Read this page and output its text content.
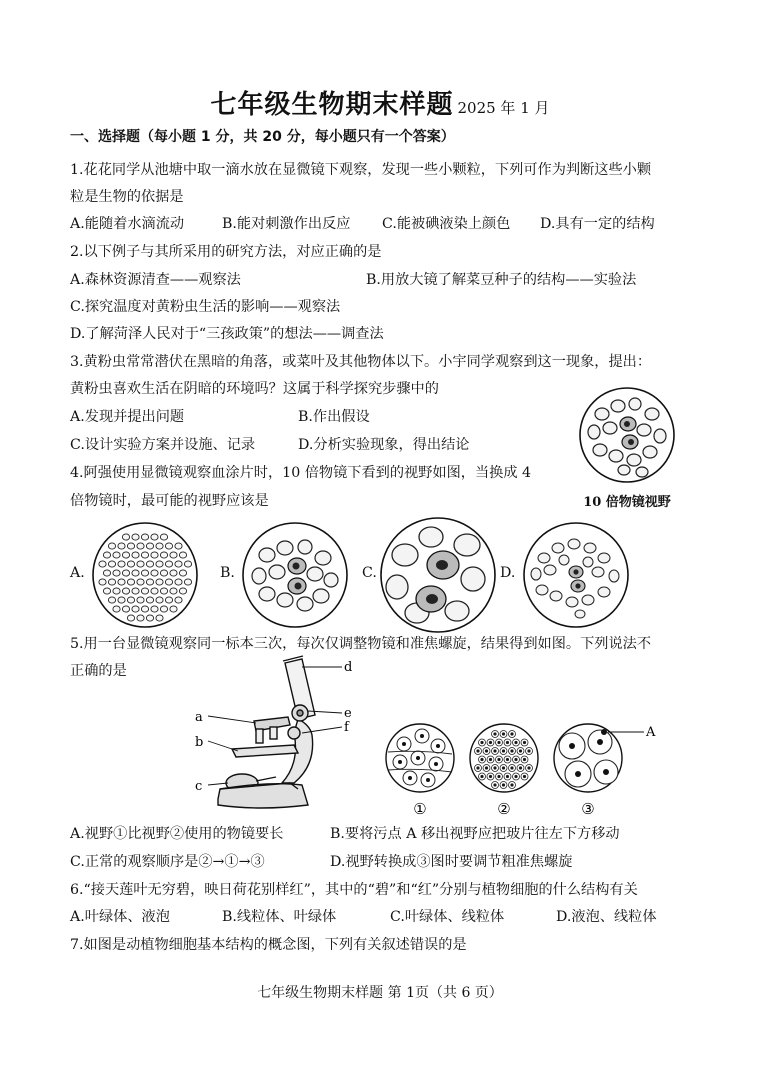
七年级生物期末样题 2025 年 1 月
一、选择题（每小题 1 分，共 20 分，每小题只有一个答案）
1.花花同学从池塘中取一滴水放在显微镜下观察，发现一些小颗粒，下列可作为判断这些小颗
粒是生物的依据是
A.能随着水滴流动	B.能对刺激作出反应 C.能被碘液染上颜色 D.具有一定的结构
2.以下例子与其所采用的研究方法，对应正确的是
A.森林资源清查——观察法	B.用放大镜了解菜豆种子的结构——实验法
C.探究温度对黄粉虫生活的影响——观察法
D.了解菏泽人民对于“三孩政策”的想法——调查法
3.黄粉虫常常潜伏在黑暗的角落，或菜叶及其他物体以下。小宇同学观察到这一现象，提出：
黄粉虫喜欢生活在阴暗的环境吗？这属于科学探究步骤中的
A.发现并提出问题	B.作出假设
C.设计实验方案并设施、记录	D.分析实验现象，得出结论
10 倍物镜视野
4.阿强使用显微镜观察血涂片时，10 倍物镜下看到的视野如图，当换成 4
倍物镜时，最可能的视野应该是
A.	B.	C.	D.
5.用一台显微镜观察同一标本三次，每次仅调整物镜和准焦螺旋，结果得到如图。下列说法不
正确的是
a
b
c
d
e
f	A
①	②	③
A.视野①比视野②使用的物镜要长	B.要将污点 A 移出视野应把玻片往左下方移动
C.正常的观察顺序是②→①→③	D.视野转换成③图时要调节粗准焦螺旋
6.“接天莲叶无穷碧，映日荷花别样红”，其中的“碧”和“红”分别与植物细胞的什么结构有关
A.叶绿体、液泡	B.线粒体、叶绿体	C.叶绿体、线粒体	D.液泡、线粒体
7.如图是动植物细胞基本结构的概念图，下列有关叙述错误的是
七年级生物期末样题 第 1页（共 6 页）
